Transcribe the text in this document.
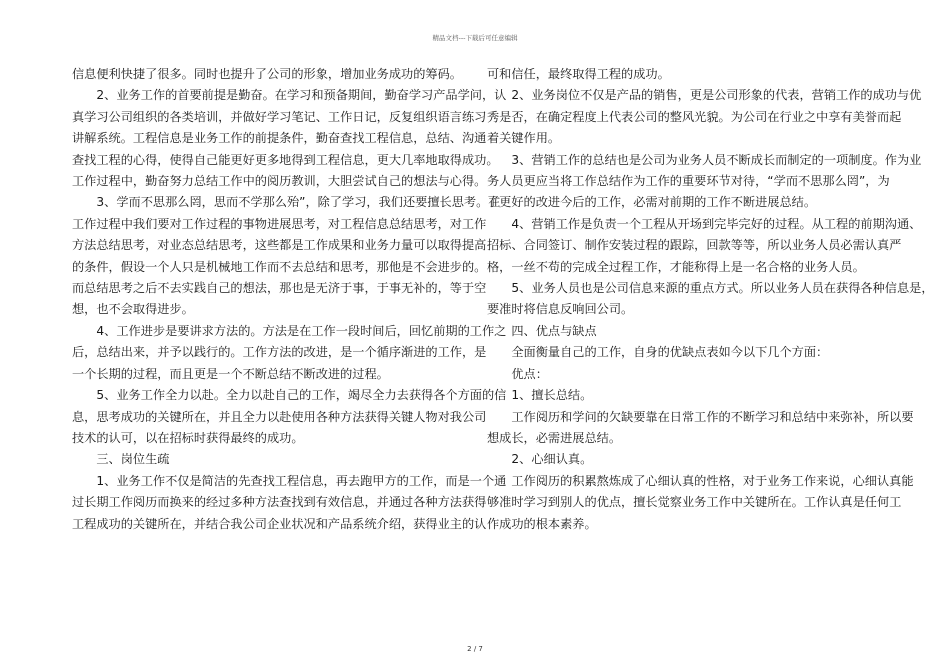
精品文档---下载后可任意编辑

信息便利快捷了很多。同时也提升了公司的形象，增加业务成功的筹码。

　　2、业务工作的首要前提是勤奋。在学习和预备期间，勤奋学习产品学问，认

真学习公司组织的各类培训，并做好学习笔记、工作日记，反复组织语言练习

讲解系统。工程信息是业务工作的前提条件，勤奋查找工程信息，总结、沟通

查找工程的心得，使得自己能更好更多地得到工程信息，更大几率地取得成功。

工作过程中，勤奋努力总结工作中的阅历教训，大胆尝试自己的想法与心得。

　　3、学而不思那么罔，思而不学那么殆”，除了学习，我们还要擅长思考。在

工作过程中我们要对工作过程的事物进展思考，对工程信息总结思考，对工作

方法总结思考，对业态总结思考，这些都是工作成果和业务力量可以取得提高

的条件，假设一个人只是机械地工作而不去总结和思考，那他是不会进步的。

而总结思考之后不去实践自己的想法，那也是无济于事，于事无补的，等于空

想，也不会取得进步。

　　4、工作进步是要讲求方法的。方法是在工作一段时间后，回忆前期的工作之

后，总结出来，并予以践行的。工作方法的改进，是一个循序渐进的工作，是

一个长期的过程，而且更是一个不断总结不断改进的过程。

　　5、业务工作全力以赴。全力以赴自己的工作，竭尽全力去获得各个方面的信

息，思考成功的关键所在，并且全力以赴使用各种方法获得关键人物对我公司

技术的认可，以在招标时获得最终的成功。

　　三、岗位生疏

　　1、业务工作不仅是简洁的先查找工程信息，再去跑甲方的工作，而是一个通

过长期工作阅历而换来的经过多种方法查找到有效信息，并通过各种方法获得

工程成功的关键所在，并结合我公司企业状况和产品系统介绍，获得业主的认

可和信任，最终取得工程的成功。

　　2、业务岗位不仅是产品的销售，更是公司形象的代表，营销工作的成功与优

秀是否，在确定程度上代表公司的整风光貌。为公司在行业之中享有美誉而起

着关键作用。

　　3、营销工作的总结也是公司为业务人员不断成长而制定的一项制度。作为业

务人员更应当将工作总结作为工作的重要环节对待，“学而不思那么罔”，为

了更好的改进今后的工作，必需对前期的工作不断进展总结。

　　4、营销工作是负责一个工程从开场到完毕完好的过程。从工程的前期沟通、

招标、合同签订、制作安装过程的跟踪，回款等等，所以业务人员必需认真严

格，一丝不苟的完成全过程工作，才能称得上是一名合格的业务人员。

　　5、业务人员也是公司信息来源的重点方式。所以业务人员在获得各种信息是，

要准时将信息反响回公司。

　　四、优点与缺点

　　全面衡量自己的工作，自身的优缺点表如今以下几个方面：

　　优点：

　　1、擅长总结。

　　工作阅历和学问的欠缺要靠在日常工作的不断学习和总结中来弥补，所以要

想成长，必需进展总结。

　　2、心细认真。

　　工作阅历的积累熬炼成了心细认真的性格，对于业务工作来说，心细认真能

够准时学习到别人的优点，擅长觉察业务工作中关键所在。工作认真是任何工

作成功的根本素养。

2 / 7
